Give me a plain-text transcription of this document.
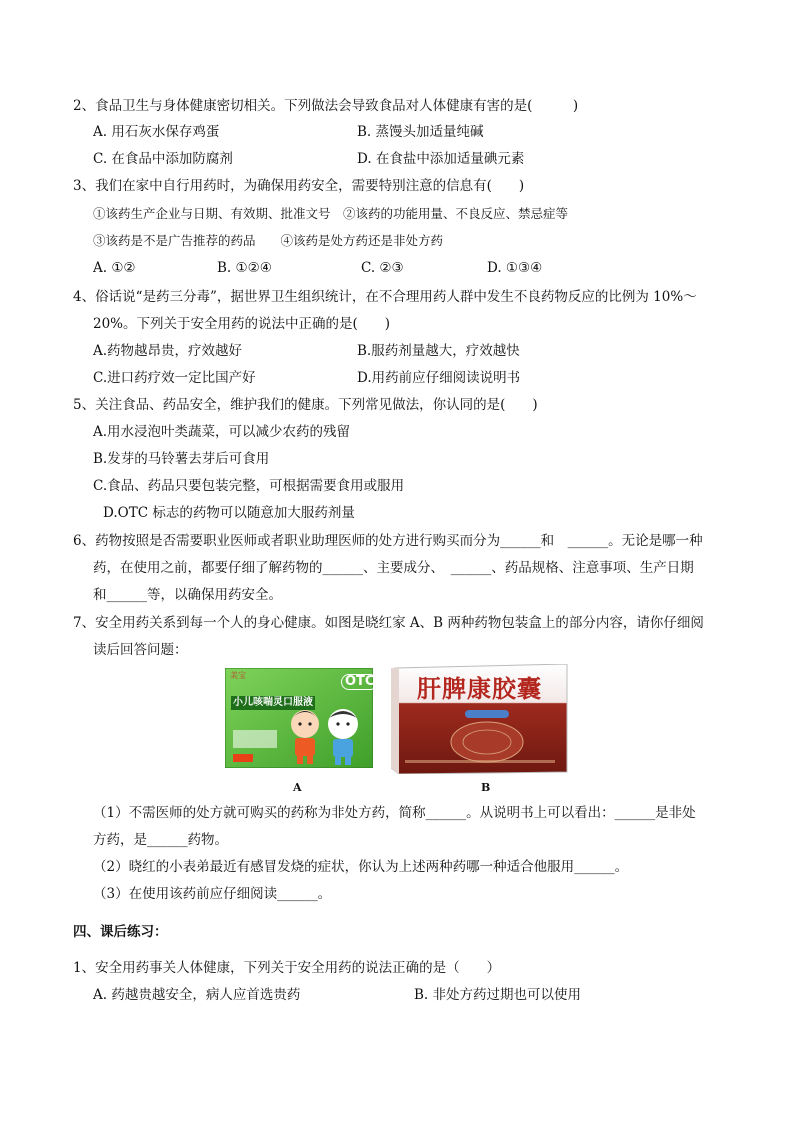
2、食品卫生与身体健康密切相关。下列做法会导致食品对人体健康有害的是(　　　)
A. 用石灰水保存鸡蛋	B. 蒸馒头加适量纯碱
C. 在食品中添加防腐剂	D. 在食盐中添加适量碘元素
3、我们在家中自行用药时，为确保用药安全，需要特别注意的信息有(　　)
①该药生产企业与日期、有效期、批准文号　②该药的功能用量、不良反应、禁忌症等
③该药是不是广告推荐的药品　　④该药是处方药还是非处方药
A. ①②	B. ①②④	C. ②③	D. ①③④
4、俗话说“是药三分毒”，据世界卫生组织统计，在不合理用药人群中发生不良药物反应的比例为 10%～
20%。下列关于安全用药的说法中正确的是(　　)
A.药物越昂贵，疗效越好	B.服药剂量越大，疗效越快
C.进口药疗效一定比国产好	D.用药前应仔细阅读说明书
5、关注食品、药品安全，维护我们的健康。下列常见做法，你认同的是(　　)
A.用水浸泡叶类蔬菜，可以减少农药的残留
B.发芽的马铃薯去芽后可食用
C.食品、药品只要包装完整，可根据需要食用或服用
D.OTC 标志的药物可以随意加大服药剂量
6、药物按照是否需要职业医师或者职业助理医师的处方进行购买而分为______和　______。无论是哪一种
药，在使用之前，都要仔细了解药物的______、主要成分、　______、药品规格、注意事项、生产日期
和______等，以确保用药安全。
7、安全用药关系到每一个人的身心健康。如图是晓红家 A、B 两种药物包装盒上的部分内容，请你仔细阅
读后回答问题：
美宝	OTC
小儿咳喘灵口服液
A
肝脾康胶囊
B
（1）不需医师的处方就可购买的药称为非处方药，简称______。从说明书上可以看出：______是非处
方药，是______药物。
（2）晓红的小表弟最近有感冒发烧的症状，你认为上述两种药哪一种适合他服用______。
（3）在使用该药前应仔细阅读______。
四、课后练习：
1、安全用药事关人体健康，下列关于安全用药的说法正确的是（　　）
A. 药越贵越安全，病人应首选贵药	B. 非处方药过期也可以使用
